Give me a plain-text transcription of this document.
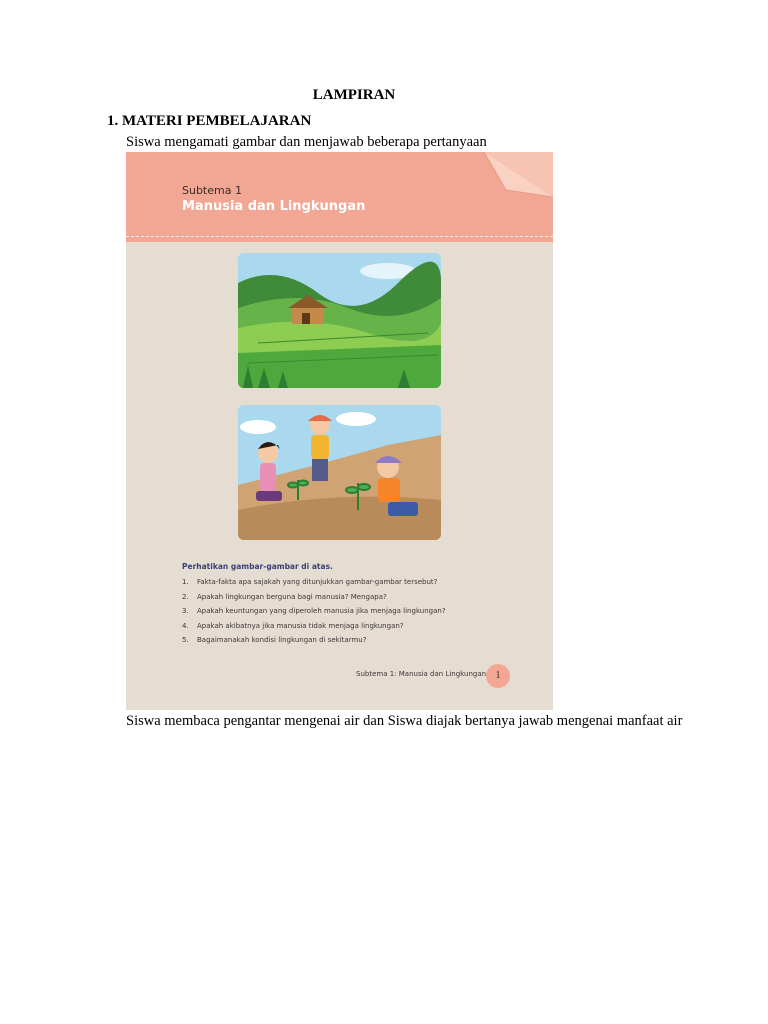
LAMPIRAN
1. MATERI PEMBELAJARAN
Siswa mengamati gambar dan menjawab beberapa pertanyaan
Subtema 1
Manusia dan Lingkungan
Perhatikan gambar-gambar di atas.
1. Fakta-fakta apa sajakah yang ditunjukkan gambar-gambar tersebut?
2. Apakah lingkungan berguna bagi manusia? Mengapa?
3. Apakah keuntungan yang diperoleh manusia jika menjaga lingkungan?
4. Apakah akibatnya jika manusia tidak menjaga lingkungan?
5. Bagaimanakah kondisi lingkungan di sekitarmu?
Subtema 1: Manusia dan Lingkungan 1
Siswa membaca pengantar mengenai air dan Siswa diajak bertanya jawab mengenai manfaat air
